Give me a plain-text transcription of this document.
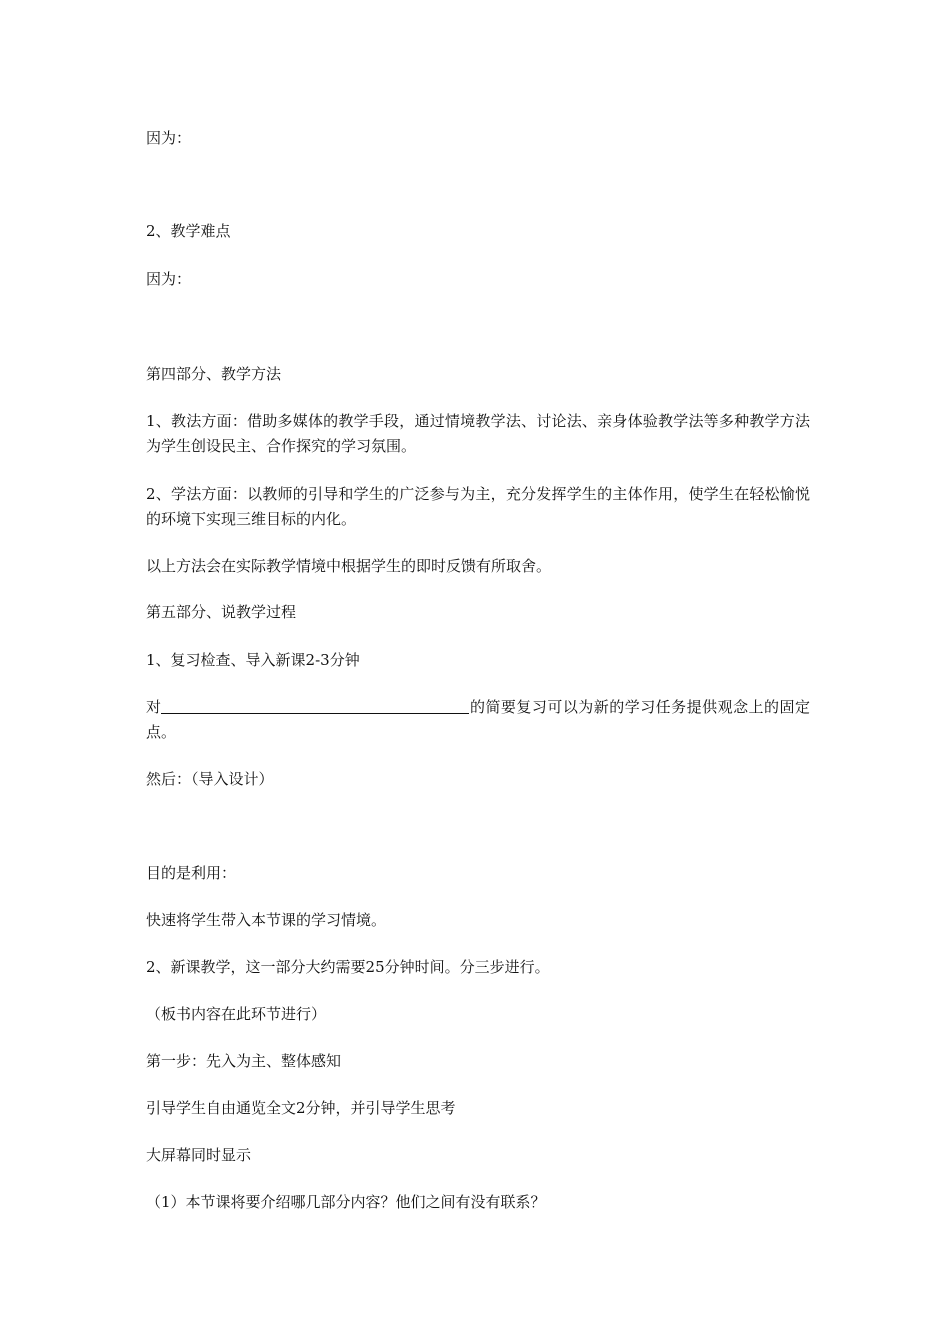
因为：
2、教学难点
因为：
第四部分、教学方法
1、教法方面：借助多媒体的教学手段，通过情境教学法、讨论法、亲身体验教学法等多种教学方法为学生创设民主、合作探究的学习氛围。
2、学法方面：以教师的引导和学生的广泛参与为主，充分发挥学生的主体作用，使学生在轻松愉悦的环境下实现三维目标的内化。
以上方法会在实际教学情境中根据学生的即时反馈有所取舍。
第五部分、说教学过程
1、复习检查、导入新课2-3分钟
对	的简要复习可以为新的学习任务提供观念上的固定点。
然后：（导入设计）
目的是利用：
快速将学生带入本节课的学习情境。
2、新课教学，这一部分大约需要25分钟时间。分三步进行。
（板书内容在此环节进行）
第一步：先入为主、整体感知
引导学生自由通览全文2分钟，并引导学生思考
大屏幕同时显示
（1）本节课将要介绍哪几部分内容？他们之间有没有联系？
